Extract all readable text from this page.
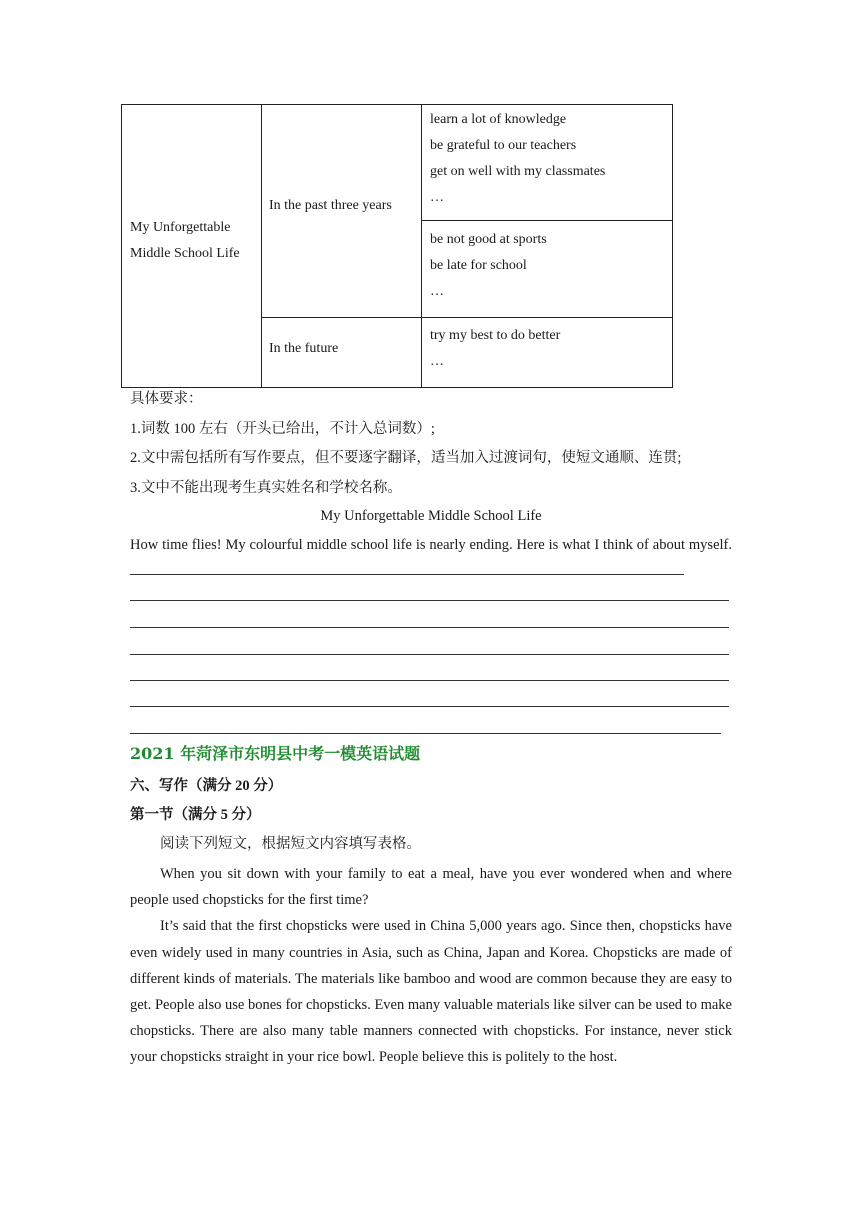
My Unforgettable
Middle School Life
In the past three years
In the future
learn a lot of knowledge
be grateful to our teachers
get on well with my classmates
…
be not good at sports
be late for school
…
try my best to do better
…

具体要求：

1.词数 100 左右（开头已给出，不计入总词数）;

2.文中需包括所有写作要点，但不要逐字翻译，适当加入过渡词句，使短文通顺、连贯;

3.文中不能出现考生真实姓名和学校名称。

My Unforgettable Middle School Life
How time flies! My colourful middle school life is nearly ending. Here is what I think of about myself.
2021 年菏泽市东明县中考一模英语试题
六、写作（满分 20 分）
第一节（满分 5 分）
阅读下列短文，根据短文内容填写表格。

When you sit down with your family to eat a meal, have you ever wondered when and where people used chopsticks for the first time?

It’s said that the first chopsticks were used in China 5,000 years ago. Since then, chopsticks have even widely used in many countries in Asia, such as China, Japan and Korea. Chopsticks are made of different kinds of materials. The materials like bamboo and wood are common because they are easy to get. People also use bones for chopsticks. Even many valuable materials like silver can be used to make chopsticks. There are also many table manners connected with chopsticks. For instance, never stick your chopsticks straight in your rice bowl. People believe this is politely to the host.
